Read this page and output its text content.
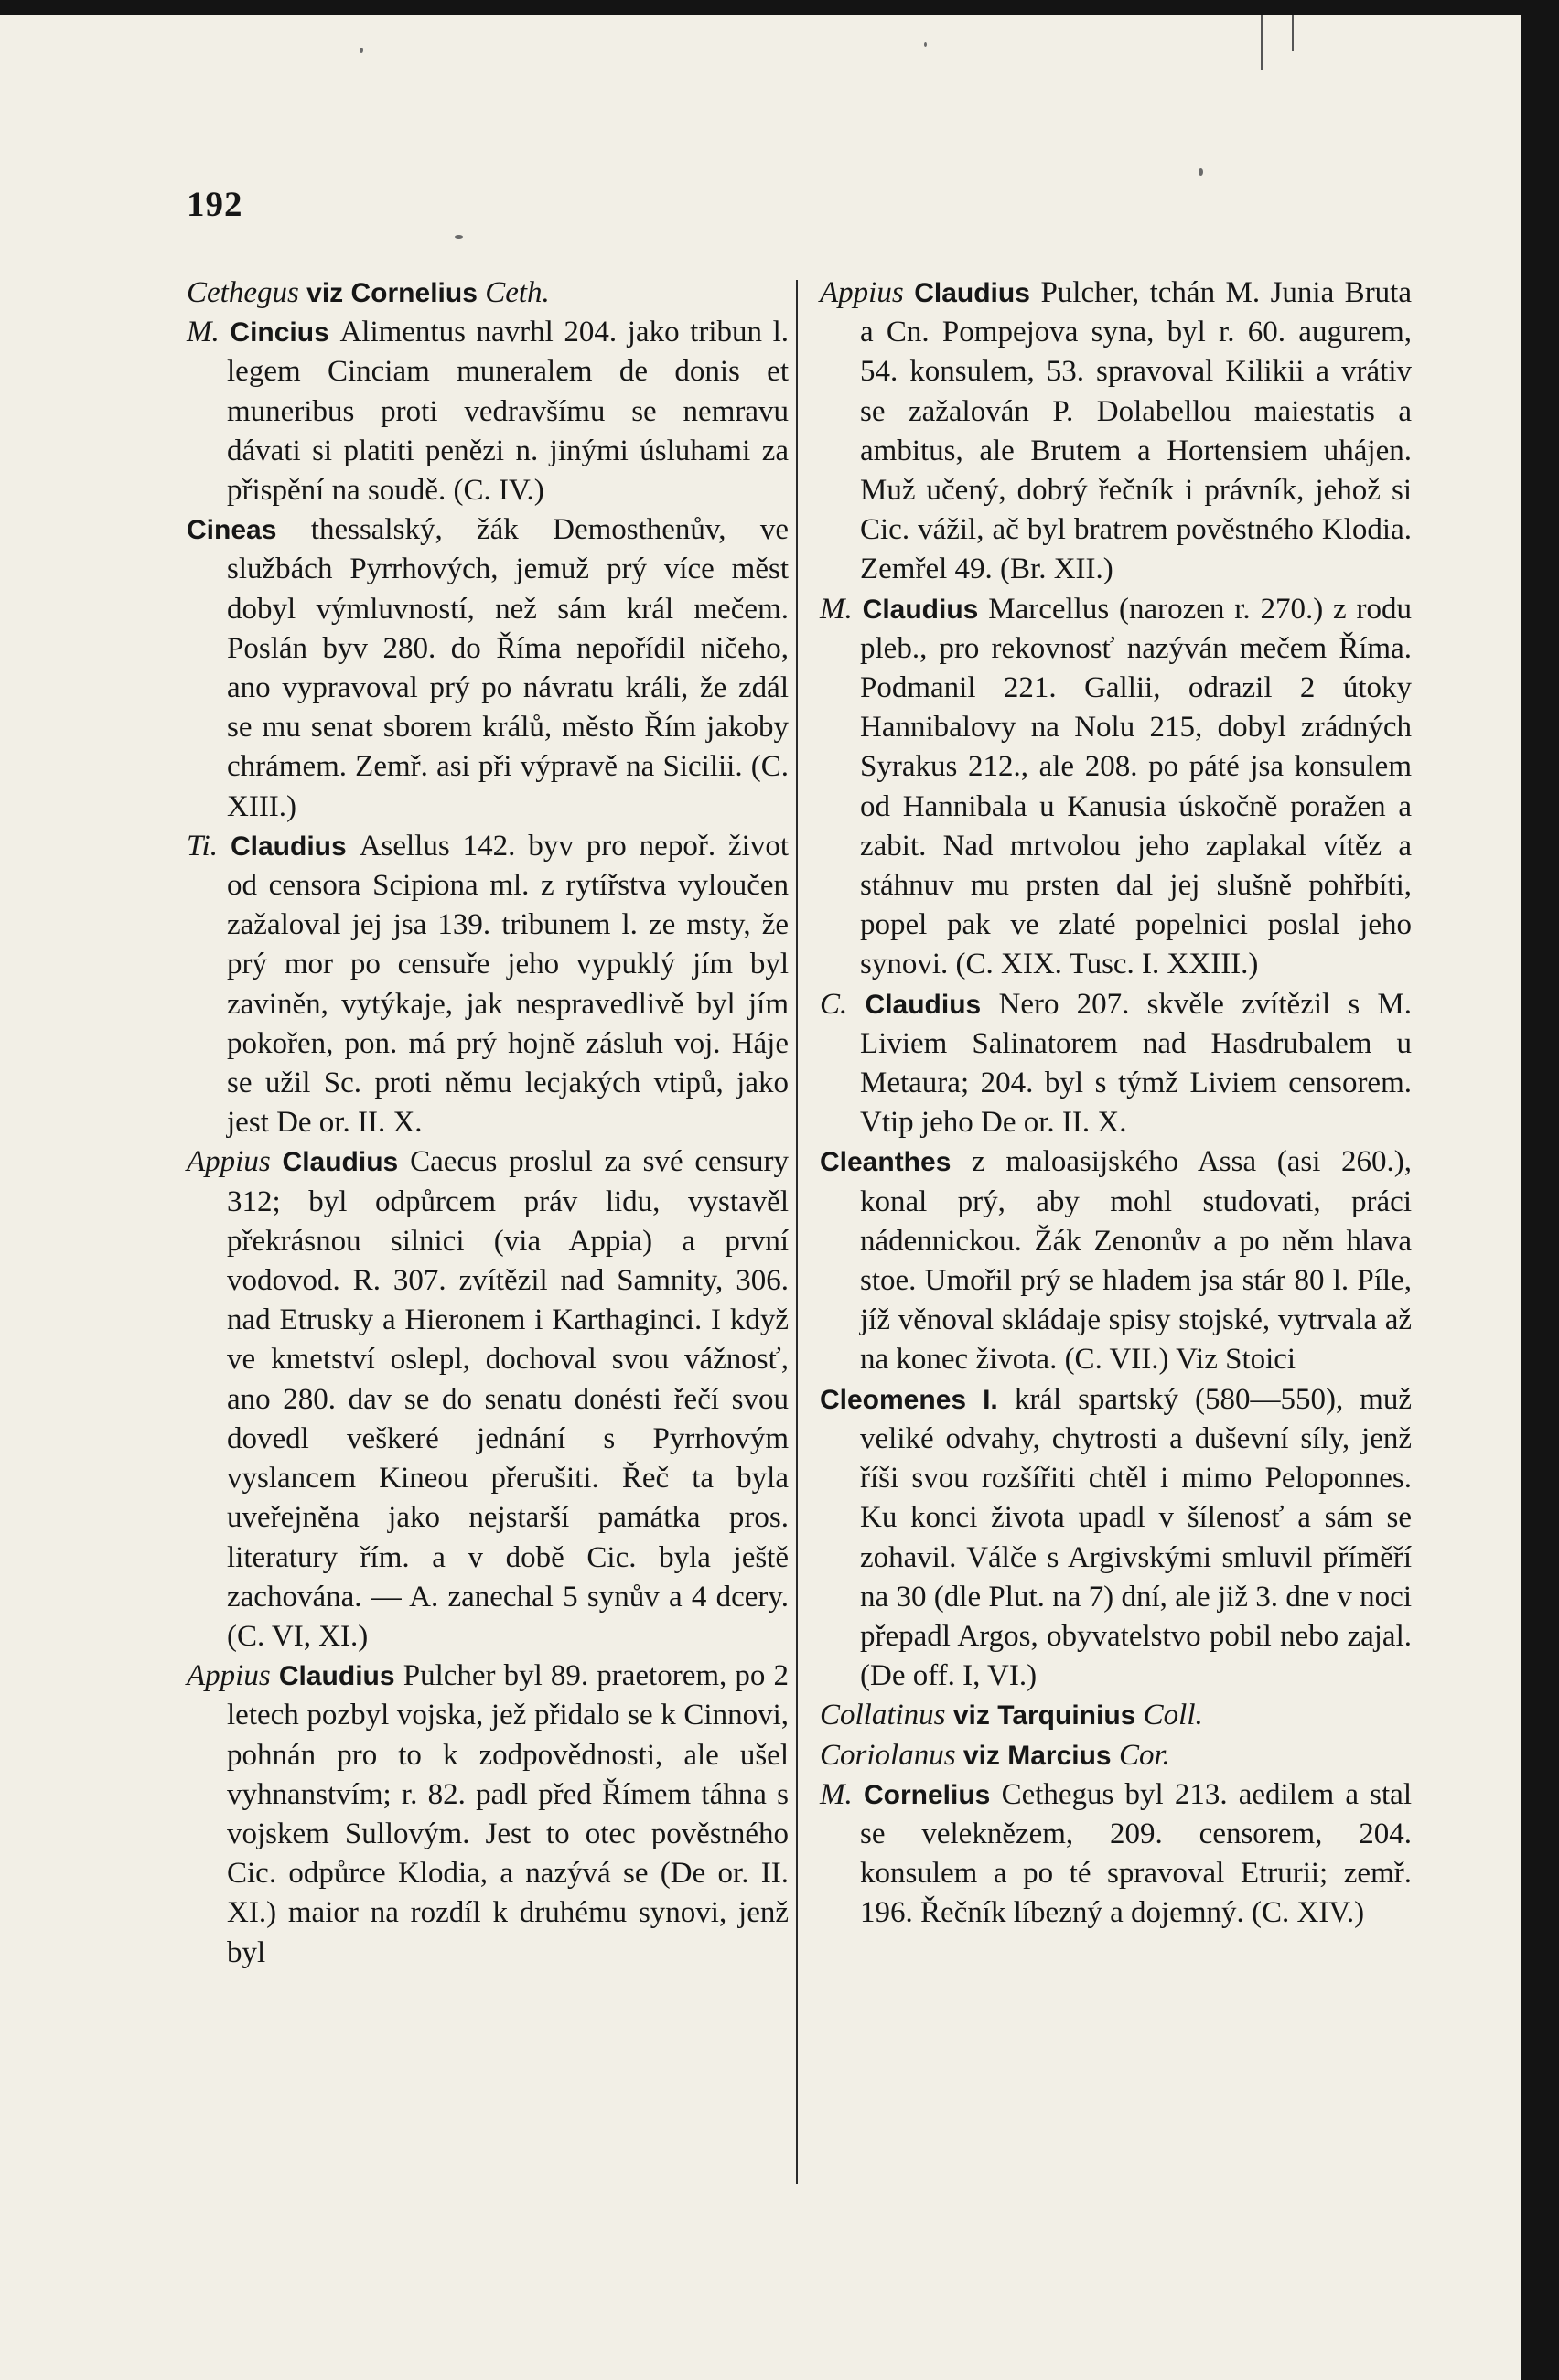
192

Cethegus viz Cornelius Ceth.

M. Cincius Alimentus navrhl 204. jako tribun l. legem Cinciam muneralem de donis et muneribus proti vedravšímu se nemravu dávati si platiti penězi n. jinými úsluhami za přispění na soudě. (C. IV.)

Cineas thessalský, žák Demosthenův, ve službách Pyrrhových, jemuž prý více měst dobyl výmluvností, než sám král mečem. Poslán byv 280. do Říma nepořídil ničeho, ano vypravoval prý po návratu králi, že zdál se mu senat sborem králů, město Řím jakoby chrámem. Zemř. asi při výpravě na Sicilii. (C. XIII.)

Ti. Claudius Asellus 142. byv pro nepoř. život od censora Scipiona ml. z rytířstva vyloučen zažaloval jej jsa 139. tribunem l. ze msty, že prý mor po censuře jeho vypuklý jím byl zaviněn, vytýkaje, jak nespravedlivě byl jím pokořen, pon. má prý hojně zásluh voj. Háje se užil Sc. proti němu lecjakých vtipů, jako jest De or. II. X.

Appius Claudius Caecus proslul za své censury 312; byl odpůrcem práv lidu, vystavěl překrásnou silnici (via Appia) a první vodovod. R. 307. zvítězil nad Samnity, 306. nad Etrusky a Hieronem i Karthaginci. I když ve kmetství oslepl, dochoval svou vážnosť, ano 280. dav se do senatu donésti řečí svou dovedl veškeré jednání s Pyrrhovým vyslancem Kineou přerušiti. Řeč ta byla uveřejněna jako nejstarší památka pros. literatury řím. a v době Cic. byla ještě zachována. — A. zanechal 5 synův a 4 dcery. (C. VI, XI.)

Appius Claudius Pulcher byl 89. praetorem, po 2 letech pozbyl vojska, jež přidalo se k Cinnovi, pohnán pro to k zodpovědnosti, ale ušel vyhnanstvím; r. 82. padl před Římem táhna s vojskem Sullovým. Jest to otec pověstného Cic. odpůrce Klodia, a nazývá se (De or. II. XI.) maior na rozdíl k druhému synovi, jenž byl

Appius Claudius Pulcher, tchán M. Junia Bruta a Cn. Pompejova syna, byl r. 60. augurem, 54. konsulem, 53. spravoval Kilikii a vrátiv se zažalován P. Dolabellou maiestatis a ambitus, ale Brutem a Hortensiem uhájen. Muž učený, dobrý řečník i právník, jehož si Cic. vážil, ač byl bratrem pověstného Klodia. Zemřel 49. (Br. XII.)

M. Claudius Marcellus (narozen r. 270.) z rodu pleb., pro rekovnosť nazýván mečem Říma. Podmanil 221. Gallii, odrazil 2 útoky Hannibalovy na Nolu 215, dobyl zrádných Syrakus 212., ale 208. po páté jsa konsulem od Hannibala u Kanusia úskočně poražen a zabit. Nad mrtvolou jeho zaplakal vítěz a stáhnuv mu prsten dal jej slušně pohřbíti, popel pak ve zlaté popelnici poslal jeho synovi. (C. XIX. Tusc. I. XXIII.)

C. Claudius Nero 207. skvěle zvítězil s M. Liviem Salinatorem nad Hasdrubalem u Metaura; 204. byl s týmž Liviem censorem. Vtip jeho De or. II. X.

Cleanthes z maloasijského Assa (asi 260.), konal prý, aby mohl studovati, práci nádennickou. Žák Zenonův a po něm hlava stoe. Umořil prý se hladem jsa stár 80 l. Píle, jíž věnoval skládaje spisy stojské, vytrvala až na konec života. (C. VII.) Viz Stoici

Cleomenes I. král spartský (580—550), muž veliké odvahy, chytrosti a duševní síly, jenž říši svou rozšířiti chtěl i mimo Peloponnes. Ku konci života upadl v šílenosť a sám se zohavil. Válče s Argivskými smluvil příměří na 30 (dle Plut. na 7) dní, ale již 3. dne v noci přepadl Argos, obyvatelstvo pobil nebo zajal. (De off. I, VI.)

Collatinus viz Tarquinius Coll.

Coriolanus viz Marcius Cor.

M. Cornelius Cethegus byl 213. aedilem a stal se veleknězem, 209. censorem, 204. konsulem a po té spravoval Etrurii; zemř. 196. Řečník líbezný a dojemný. (C. XIV.)
